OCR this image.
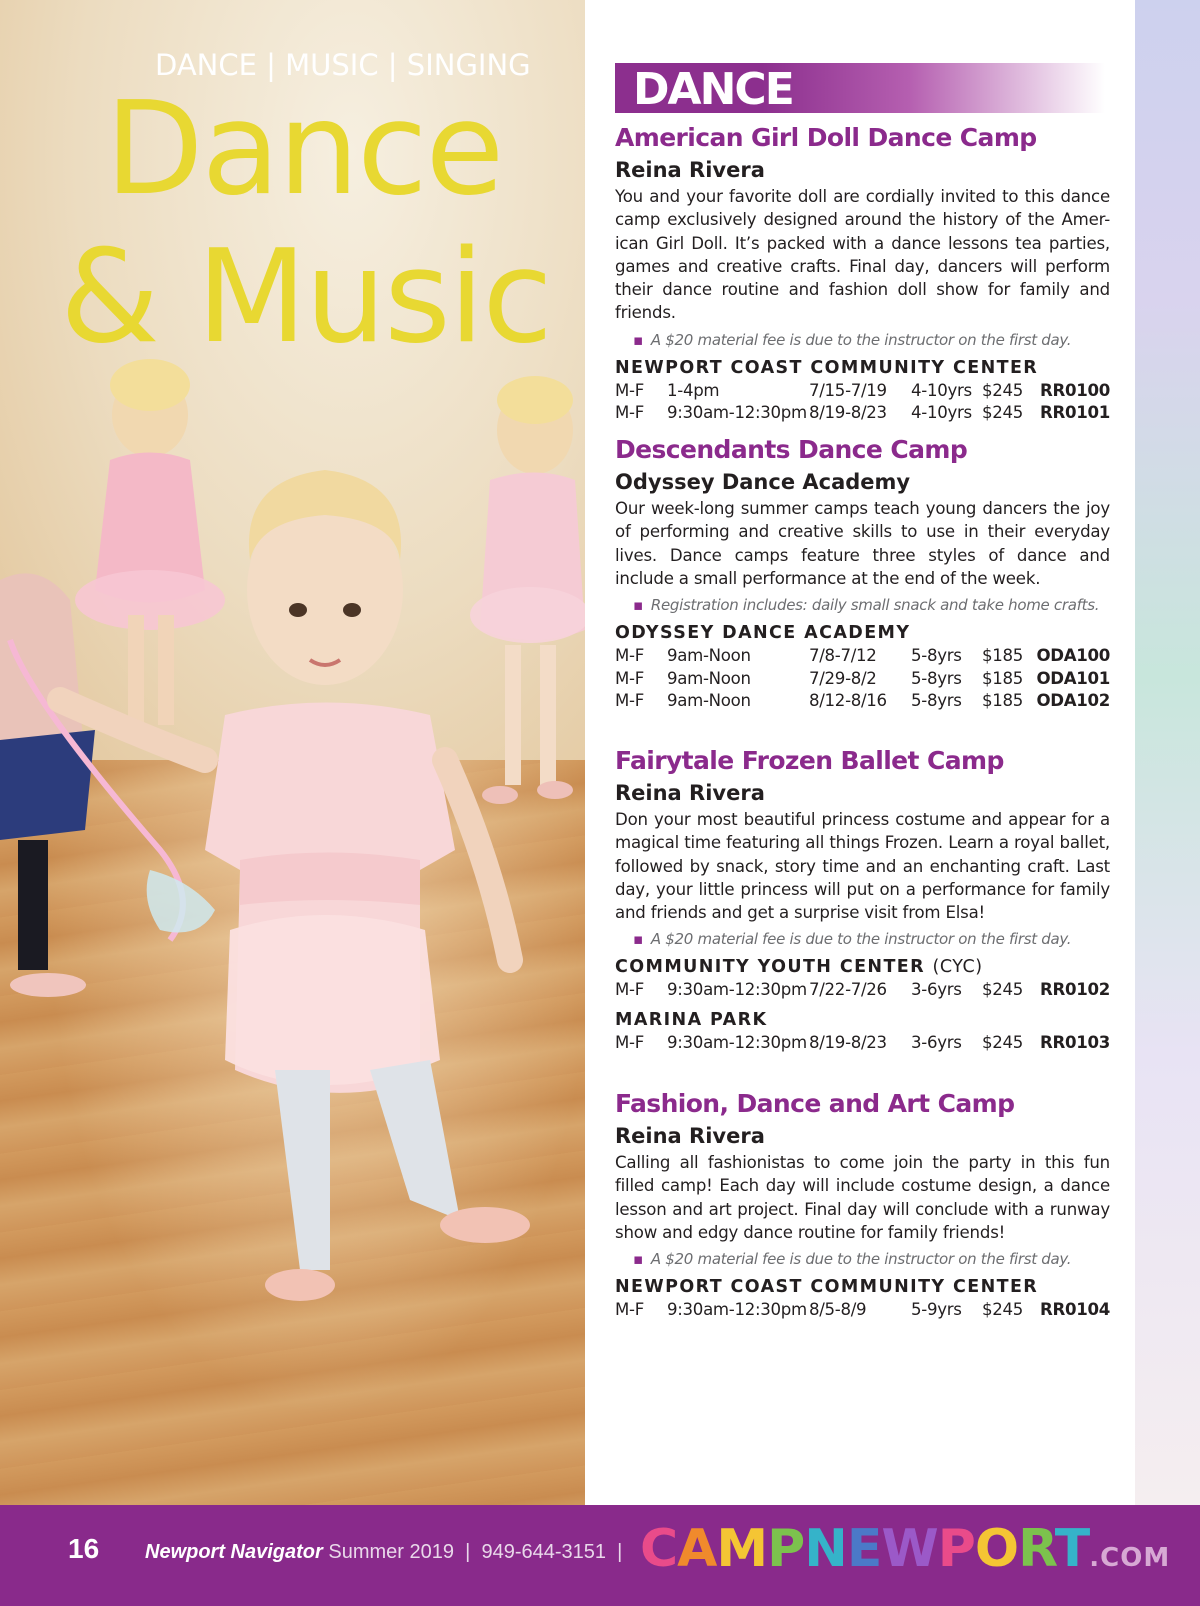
DANCE | MUSIC | SINGING
Dance
& Music
DANCE
American Girl Doll Dance Camp
Reina Rivera

You and your favorite doll are cordially invited to this dance camp exclusively designed around the history of the Amer-ican Girl Doll. It’s packed with a dance lessons tea parties, games and creative crafts. Final day, dancers will perform their dance routine and fashion doll show for family and friends.

▪ A $20 material fee is due to the instructor on the first day.
NEWPORT COAST COMMUNITY CENTER
M-F 1-4pm	7/15-7/19 4-10yrs $245 RR0100
M-F 9:30am-12:30pm 8/19-8/23 4-10yrs $245 RR0101
Descendants Dance Camp
Odyssey Dance Academy

Our week-long summer camps teach young dancers the joy of performing and creative skills to use in their everyday lives. Dance camps feature three styles of dance and include a small performance at the end of the week.

▪ Registration includes: daily small snack and take home crafts.
ODYSSEY DANCE ACADEMY
M-F 9am-Noon	7/8-7/12 5-8yrs $185 ODA100
M-F 9am-Noon	7/29-8/2 5-8yrs $185 ODA101
M-F 9am-Noon	8/12-8/16 5-8yrs $185 ODA102
Fairytale Frozen Ballet Camp
Reina Rivera

Don your most beautiful princess costume and appear for a magical time featuring all things Frozen. Learn a royal ballet, followed by snack, story time and an enchanting craft. Last day, your little princess will put on a performance for family and friends and get a surprise visit from Elsa!

▪ A $20 material fee is due to the instructor on the first day.
COMMUNITY YOUTH CENTER (CYC)
M-F 9:30am-12:30pm 7/22-7/26 3-6yrs $245 RR0102
MARINA PARK
M-F 9:30am-12:30pm 8/19-8/23 3-6yrs $245 RR0103
Fashion, Dance and Art Camp
Reina Rivera

Calling all fashionistas to come join the party in this fun filled camp! Each day will include costume design, a dance lesson and art project. Final day will conclude with a runway show and edgy dance routine for family friends!

▪ A $20 material fee is due to the instructor on the first day.
NEWPORT COAST COMMUNITY CENTER
M-F 9:30am-12:30pm 8/5-8/9	5-9yrs $245 RR0104
16 Newport Navigator Summer 2019 | 949-644-3151 | CAMPNEWPORT.COM
